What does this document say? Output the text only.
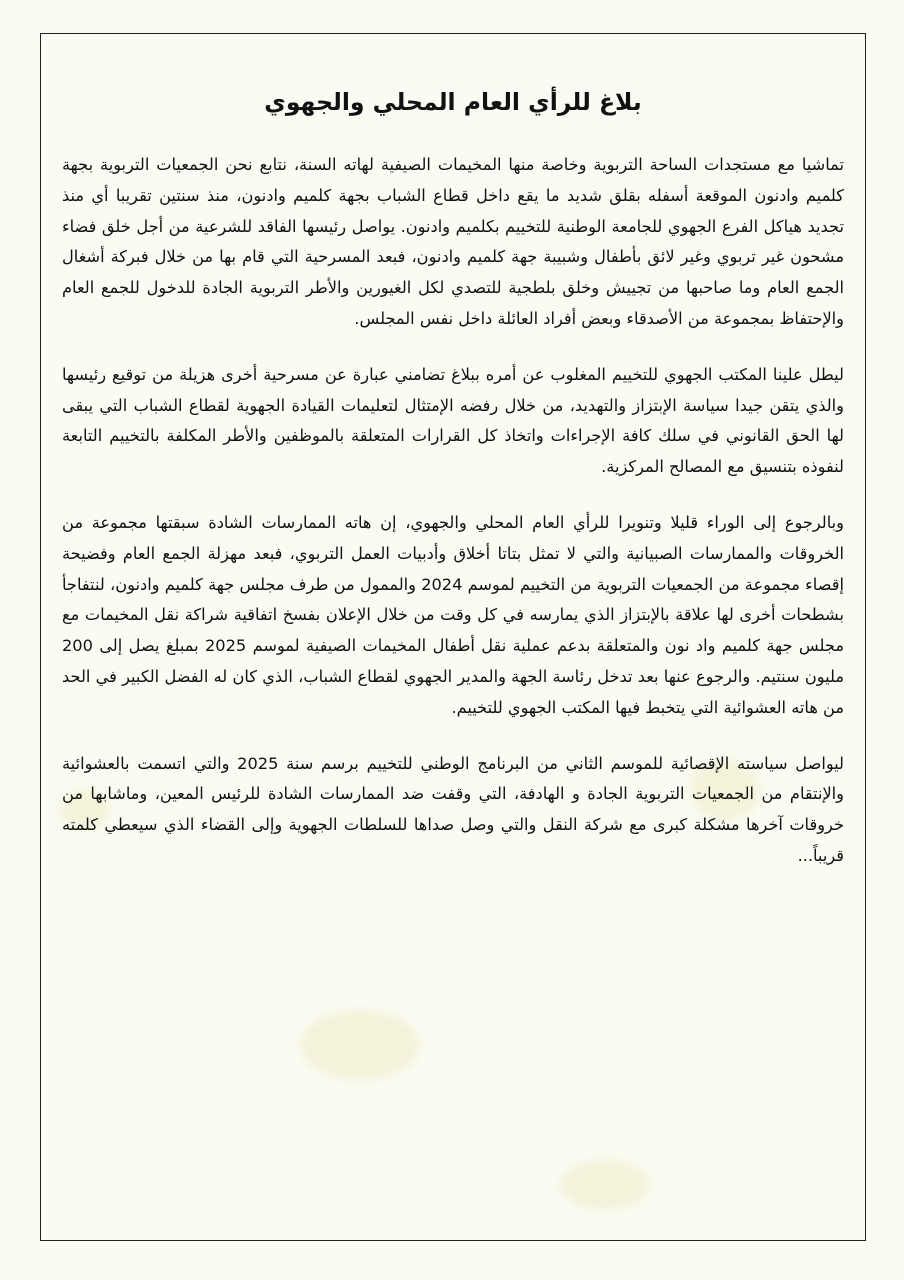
بلاغ للرأي العام المحلي والجهوي

تماشيا مع مستجدات الساحة التربوية وخاصة منها المخيمات الصيفية لهاته السنة، نتابع نحن الجمعيات التربوية بجهة كلميم وادنون الموقعة أسفله بقلق شديد ما يقع داخل قطاع الشباب بجهة كلميم وادنون، منذ سنتين تقريبا أي منذ تجديد هياكل الفرع الجهوي للجامعة الوطنية للتخييم بكلميم وادنون. يواصل رئيسها الفاقد للشرعية من أجل خلق فضاء مشحون غير تربوي وغير لائق بأطفال وشبيبة جهة كلميم وادنون، فبعد المسرحية التي قام بها من خلال فبركة أشغال الجمع العام وما صاحبها من تجييش وخلق بلطجية للتصدي لكل الغيورين والأطر التربوية الجادة للدخول للجمع العام والإحتفاظ بمجموعة من الأصدقاء وبعض أفراد العائلة داخل نفس المجلس.

ليطل علينا المكتب الجهوي للتخييم المغلوب عن أمره ببلاغ تضامني عبارة عن مسرحية أخرى هزيلة من توقيع رئيسها والذي يتقن جيدا سياسة الإبتزاز والتهديد، من خلال رفضه الإمتثال لتعليمات القيادة الجهوية لقطاع الشباب التي يبقى لها الحق القانوني في سلك كافة الإجراءات واتخاذ كل القرارات المتعلقة بالموظفين والأطر المكلفة بالتخييم التابعة لنفوذه بتنسيق مع المصالح المركزية.

وبالرجوع إلى الوراء قليلا وتنويرا للرأي العام المحلي والجهوي، إن هاته الممارسات الشادة سبقتها مجموعة من الخروقات والممارسات الصبيانية والتي لا تمثل بتاتا أخلاق وأدبيات العمل التربوي، فبعد مهزلة الجمع العام وفضيحة إقصاء مجموعة من الجمعيات التربوية من التخييم لموسم 2024 والممول من طرف مجلس جهة كلميم وادنون، لنتفاجأ بشطحات أخرى لها علاقة بالإبتزاز الذي يمارسه في كل وقت من خلال الإعلان بفسخ اتفاقية شراكة نقل المخيمات مع مجلس جهة كلميم واد نون والمتعلقة بدعم عملية نقل أطفال المخيمات الصيفية لموسم 2025 بمبلغ يصل إلى 200 مليون سنتيم. والرجوع عنها بعد تدخل رئاسة الجهة والمدير الجهوي لقطاع الشباب، الذي كان له الفضل الكبير في الحد من هاته العشوائية التي يتخبط فيها المكتب الجهوي للتخييم.

ليواصل سياسته الإقصائية للموسم الثاني من البرنامج الوطني للتخييم برسم سنة 2025 والتي اتسمت بالعشوائية والإنتقام من الجمعيات التربوية الجادة و الهادفة، التي وقفت ضد الممارسات الشادة للرئيس المعين، وماشابها من خروقات آخرها مشكلة كبرى مع شركة النقل والتي وصل صداها للسلطات الجهوية وإلى القضاء الذي سيعطي كلمته قريباً...
